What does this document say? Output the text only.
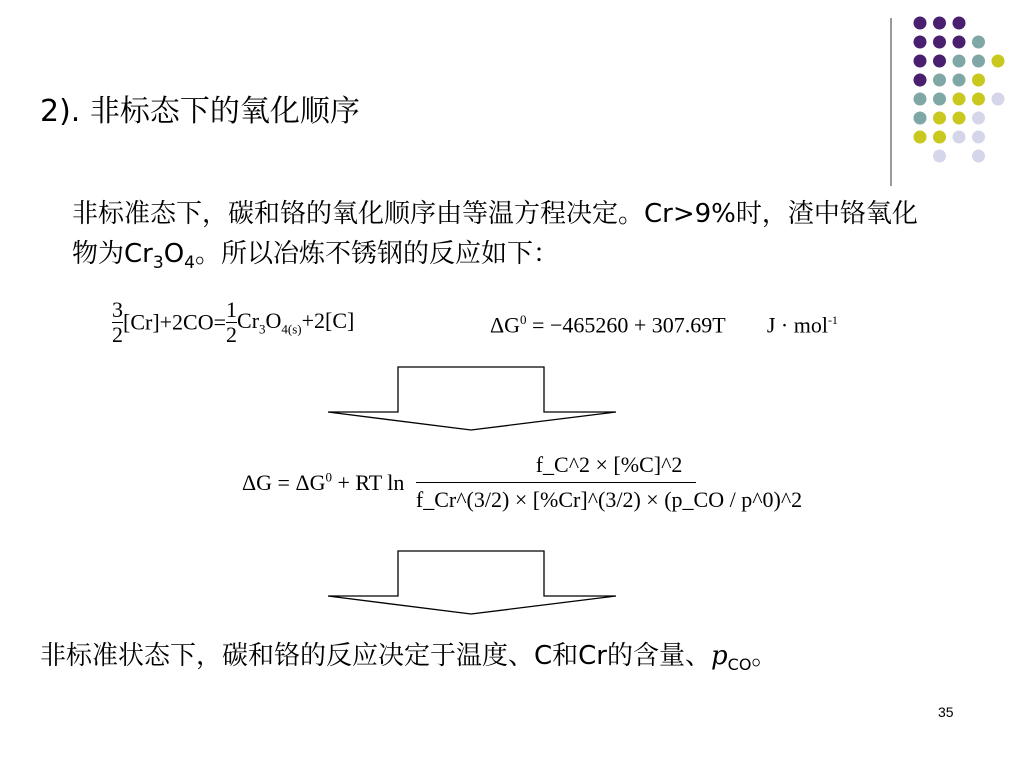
2). 非标态下的氧化顺序
非标准态下，碳和铬的氧化顺序由等温方程决定。Cr>9%时，渣中铬氧化物为$Cr_3O_4$。所以冶炼不锈钢的反应如下：
$\frac{3}{2} [Cr]+2CO= \frac{1}{2} Cr_3O_{4(s)}+2[C]$	$\Delta G^0 = -465260 + 307.69T$ J · mol$^{-1}$
$\Delta G = \Delta G^0$ + RT $\ln \frac{f\_C\^{}2 \times [\%C]\^{}2}{f\_Cr\^{}(3/2) \times [\%Cr]\^{}(3/2) \times (p\_CO / p\^{}0)\^{}2}$
非标准状态下，碳和铬的反应决定于温度、C和Cr的含量、$p_{CO}$。
35
